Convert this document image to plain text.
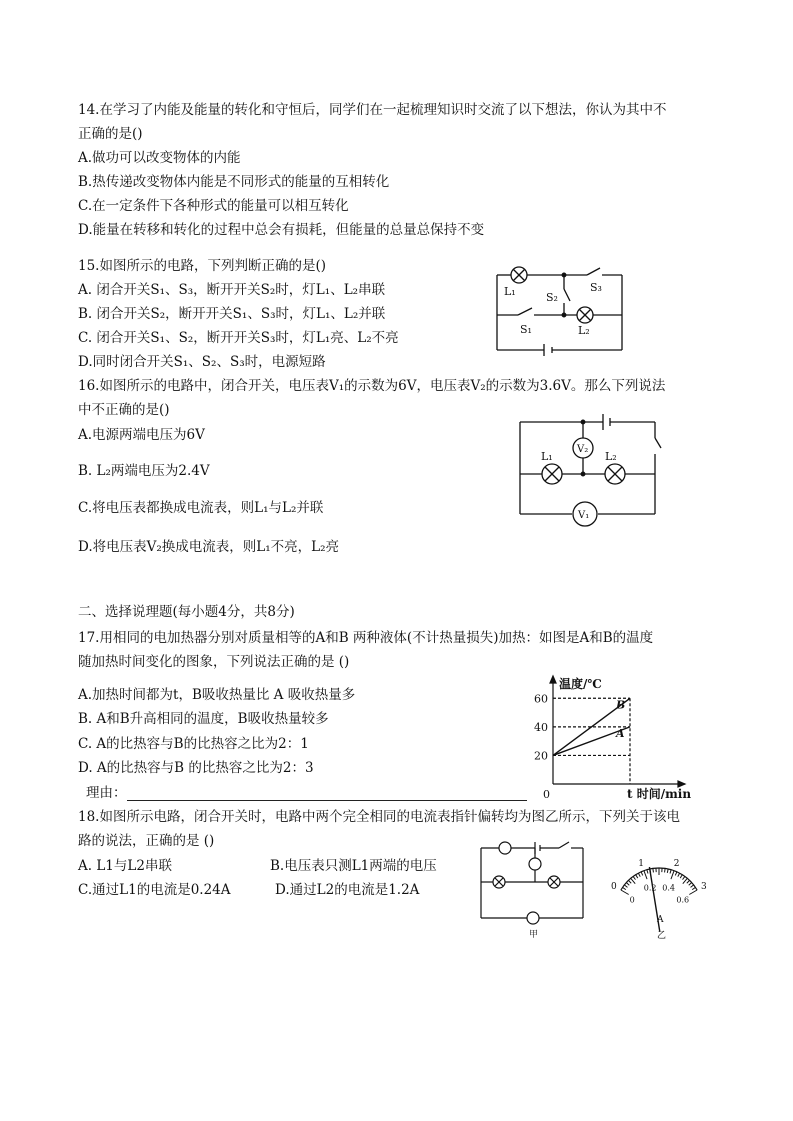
14.在学习了内能及能量的转化和守恒后，同学们在一起梳理知识时交流了以下想法，你认为其中不
正确的是()
A.做功可以改变物体的内能
B.热传递改变物体内能是不同形式的能量的互相转化
C.在一定条件下各种形式的能量可以相互转化
D.能量在转移和转化的过程中总会有损耗，但能量的总量总保持不变
15.如图所示的电路，下列判断正确的是()
A. 闭合开关S₁、S₃，断开开关S₂时，灯L₁、L₂串联
B. 闭合开关S₂，断开开关S₁、S₃时，灯L₁、L₂并联
C. 闭合开关S₁、S₂，断开开关S₃时，灯L₁亮、L₂不亮
D.同时闭合开关S₁、S₂、S₃时，电源短路
L₁	S₂
S₃
S₁	L₂
16.如图所示的电路中，闭合开关，电压表V₁的示数为6V，电压表V₂的示数为3.6V。那么下列说法
中不正确的是()
A.电源两端电压为6V
B. L₂两端电压为2.4V
C.将电压表都换成电流表，则L₁与L₂并联
D.将电压表V₂换成电流表，则L₁不亮，L₂亮
V₂
V₁
L₁	L₂
二、选择说理题(每小题4分，共8分)
17.用相同的电加热器分别对质量相等的A和B 两种液体(不计热量损失)加热：如图是A和B的温度
随加热时间变化的图象，下列说法正确的是 ()
A.加热时间都为t，B吸收热量比 A 吸收热量多
B. A和B升高相同的温度，B吸收热量较多
C. A的比热容与B的比热容之比为2：1
D. A的比热容与B 的比热容之比为2：3
理由：
20
40
60
A
B
温度/℃
0	t 时间/min
18.如图所示电路，闭合开关时，电路中两个完全相同的电流表指针偏转均为图乙所示，下列关于该电
路的说法，正确的是 ()
A. L1与L2串联	B.电压表只测L1两端的电压
C.通过L1的电流是0.24A	D.通过L2的电流是1.2A
甲
0
0
1
0.2
2
0.4	3
0.6
A
乙
